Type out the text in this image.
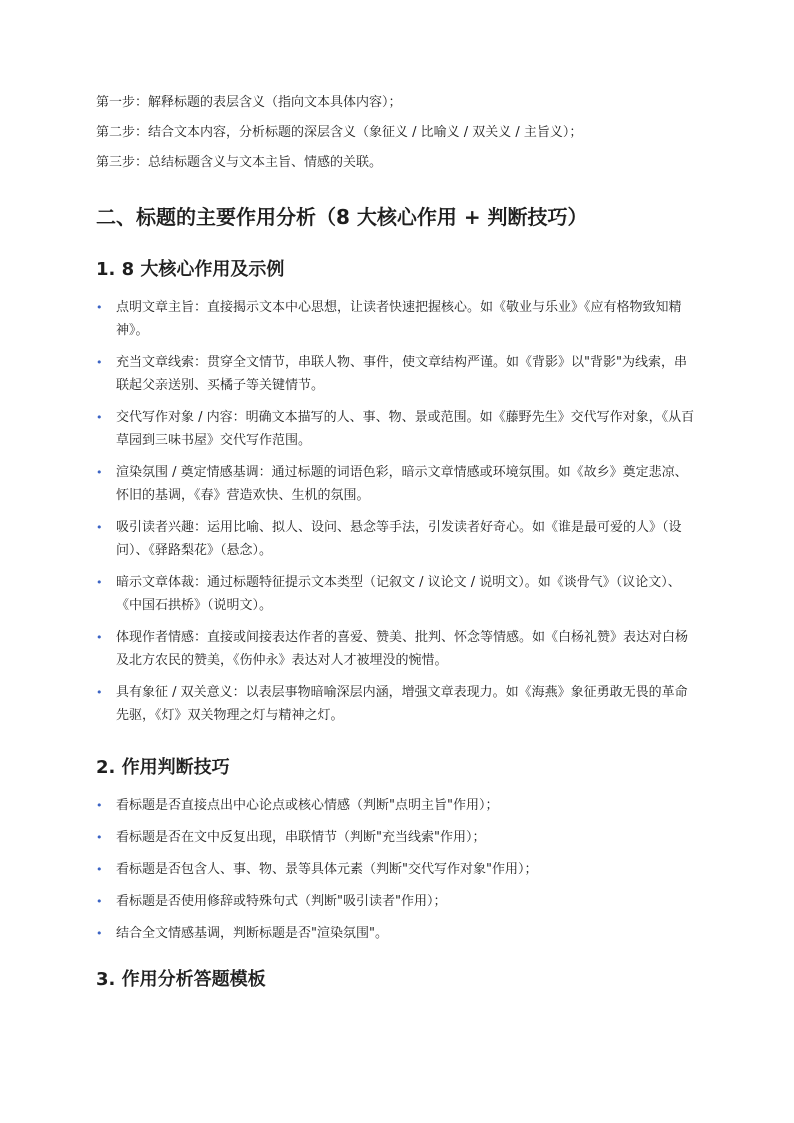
第一步：解释标题的表层含义（指向文本具体内容）；

第二步：结合文本内容，分析标题的深层含义（象征义 / 比喻义 / 双关义 / 主旨义）；

第三步：总结标题含义与文本主旨、情感的关联。

二、标题的主要作用分析（8 大核心作用 + 判断技巧）
1. 8 大核心作用及示例
• 点明文章主旨：直接揭示文本中心思想，让读者快速把握核心。如《敬业与乐业》《应有格物致知精神》。
• 充当文章线索：贯穿全文情节，串联人物、事件，使文章结构严谨。如《背影》以"背影"为线索，串联起父亲送别、买橘子等关键情节。
• 交代写作对象 / 内容：明确文本描写的人、事、物、景或范围。如《藤野先生》交代写作对象，《从百草园到三味书屋》交代写作范围。
• 渲染氛围 / 奠定情感基调：通过标题的词语色彩，暗示文章情感或环境氛围。如《故乡》奠定悲凉、怀旧的基调，《春》营造欢快、生机的氛围。
• 吸引读者兴趣：运用比喻、拟人、设问、悬念等手法，引发读者好奇心。如《谁是最可爱的人》（设问）、《驿路梨花》（悬念）。
• 暗示文章体裁：通过标题特征提示文本类型（记叙文 / 议论文 / 说明文）。如《谈骨气》（议论文）、《中国石拱桥》（说明文）。
• 体现作者情感：直接或间接表达作者的喜爱、赞美、批判、怀念等情感。如《白杨礼赞》表达对白杨及北方农民的赞美，《伤仲永》表达对人才被埋没的惋惜。
• 具有象征 / 双关意义：以表层事物暗喻深层内涵，增强文章表现力。如《海燕》象征勇敢无畏的革命先驱，《灯》双关物理之灯与精神之灯。
2. 作用判断技巧
• 看标题是否直接点出中心论点或核心情感（判断"点明主旨"作用）；
• 看标题是否在文中反复出现，串联情节（判断"充当线索"作用）；
• 看标题是否包含人、事、物、景等具体元素（判断"交代写作对象"作用）；
• 看标题是否使用修辞或特殊句式（判断"吸引读者"作用）；
• 结合全文情感基调，判断标题是否"渲染氛围"。
3. 作用分析答题模板
